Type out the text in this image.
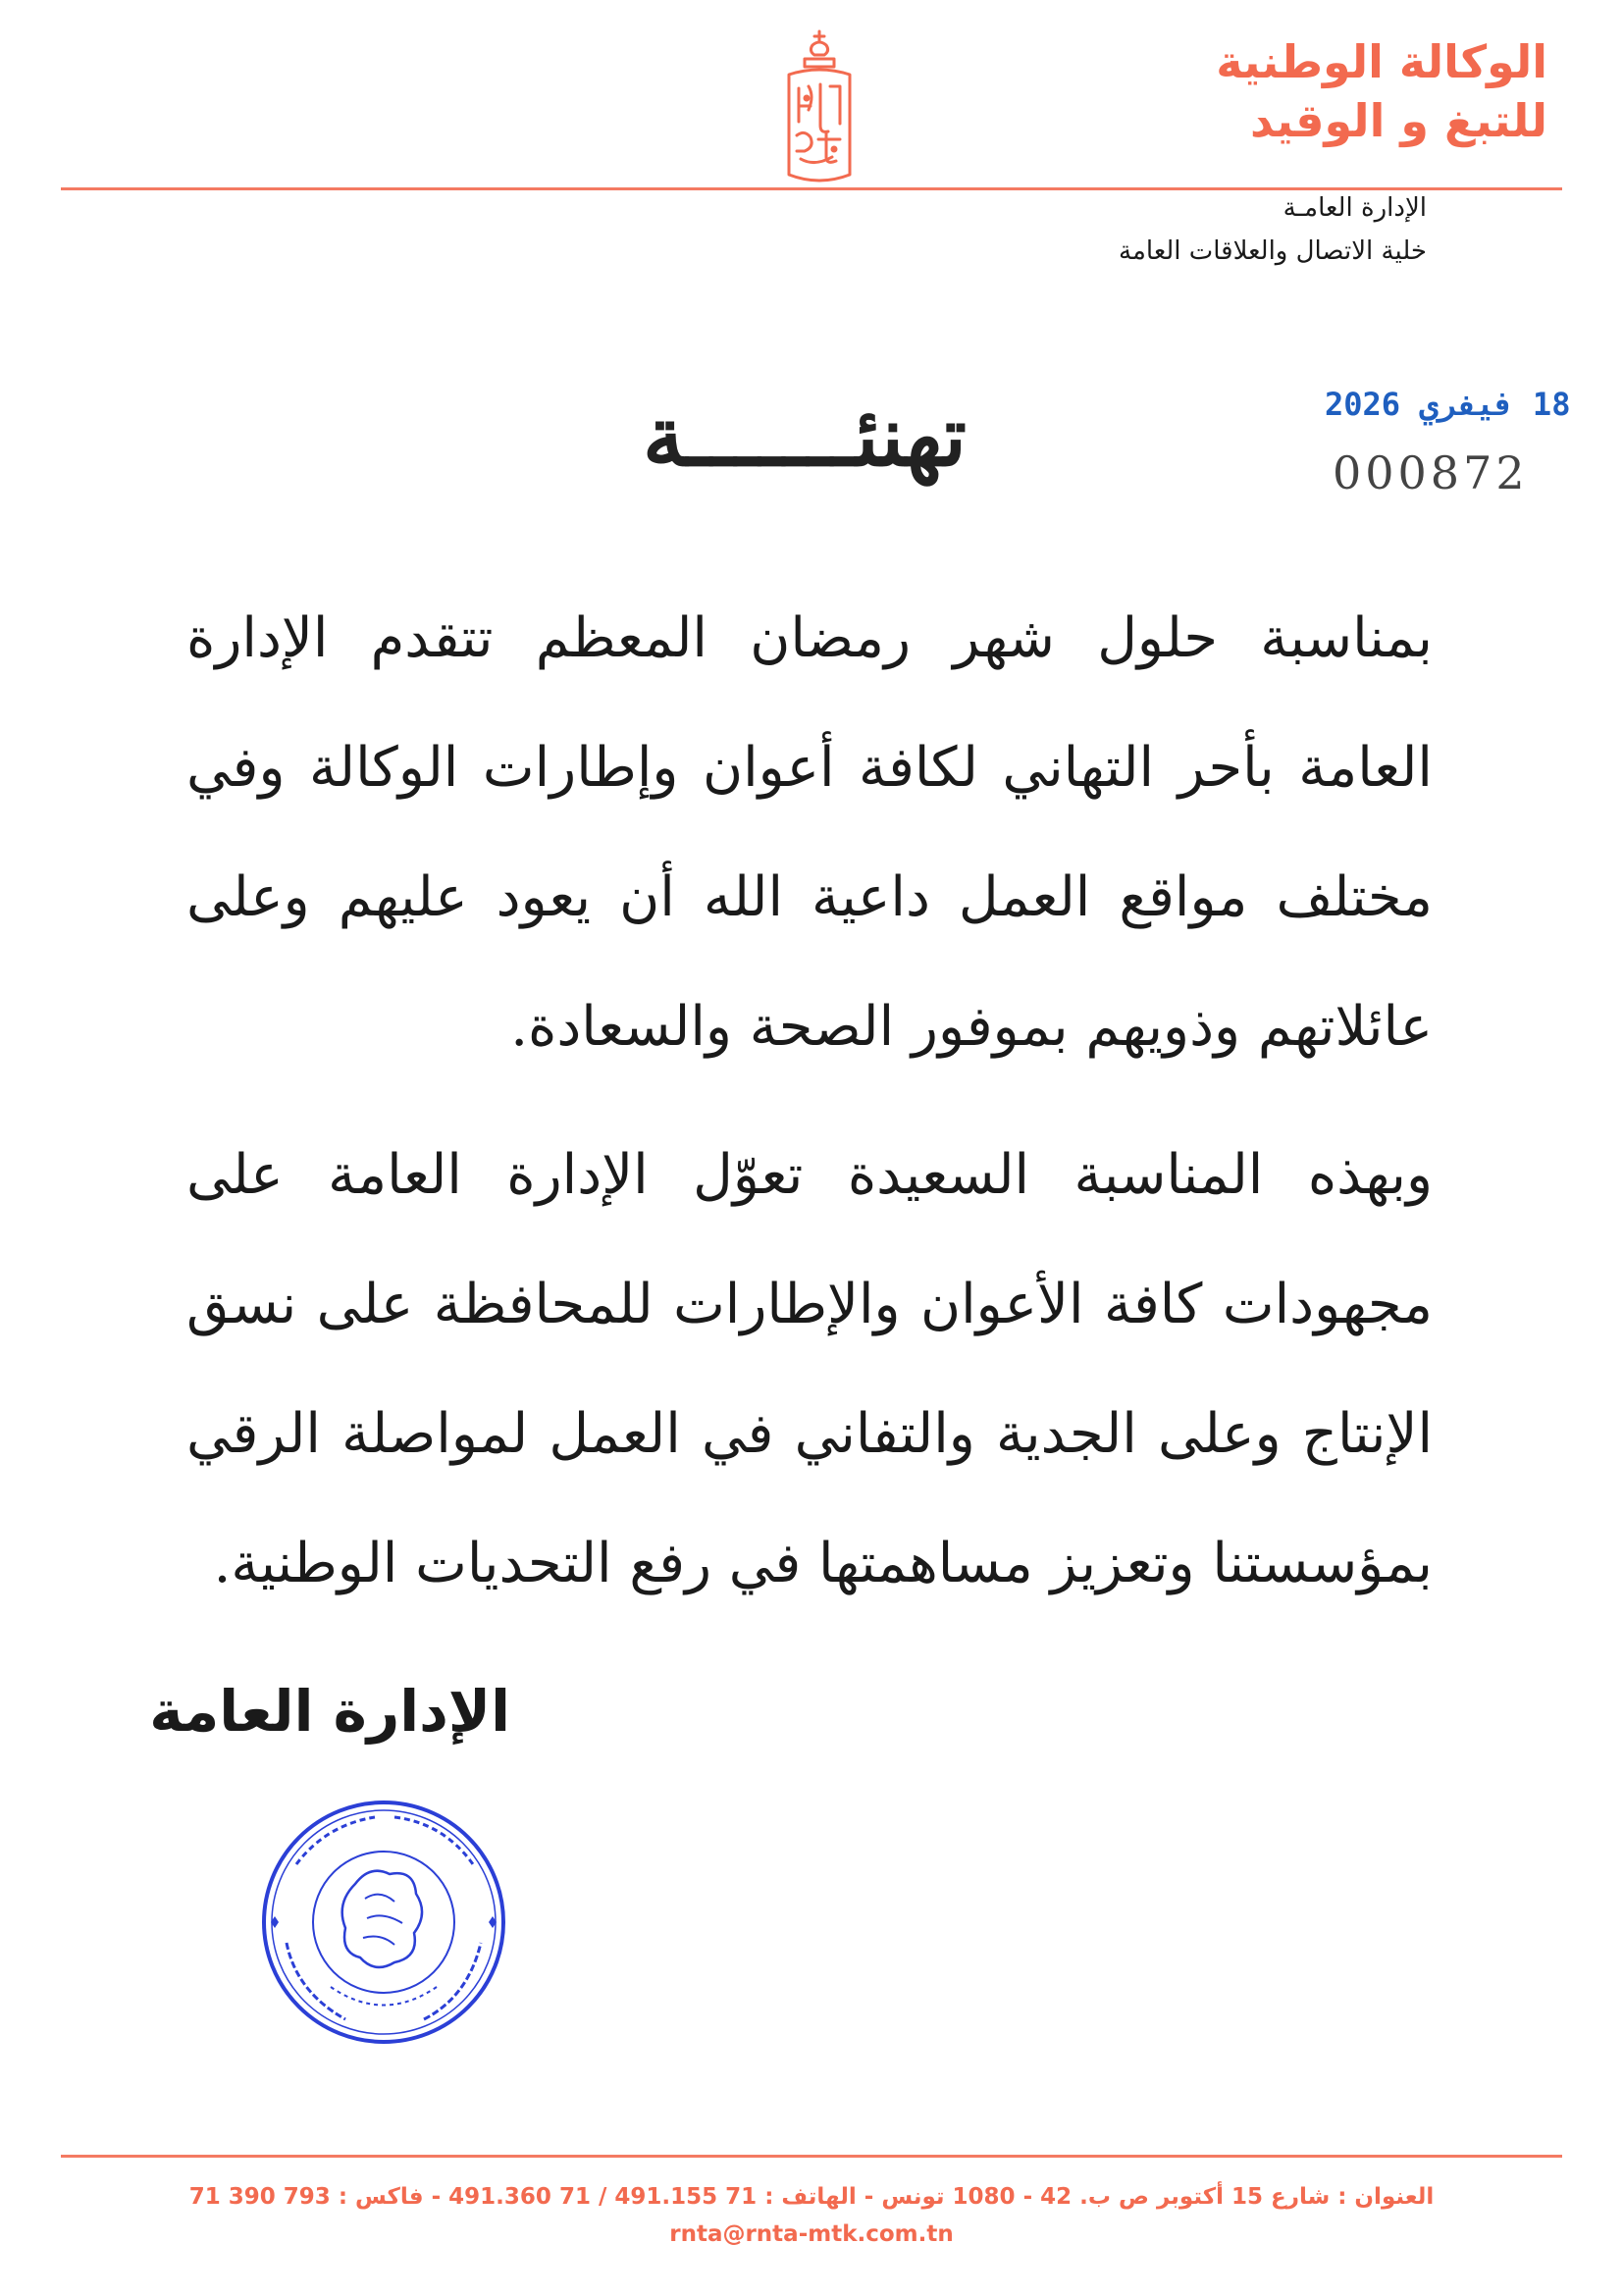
الوكالة الوطنية
للتبغ و الوقيد
الإدارة العامـة
خلية الاتصال والعلاقات العامة
18 فيفري 2026
000872
تهنئـــــــة
بمناسبة حلول شهر رمضان المعظم تتقدم الإدارة العامة بأحر التهاني لكافة أعوان وإطارات الوكالة وفي مختلف مواقع العمل داعية الله أن يعود عليهم وعلى عائلاتهم وذويهم بموفور الصحة والسعادة.
وبهذه المناسبة السعيدة تعوّل الإدارة العامة على مجهودات كافة الأعوان والإطارات للمحافظة على نسق الإنتاج وعلى الجدية والتفاني في العمل لمواصلة الرقي بمؤسستنا وتعزيز مساهمتها في رفع التحديات الوطنية.
الإدارة العامة
العنوان : شارع 15 أكتوبر ص ب. 42 - 1080 تونس - الهاتف : 71 491.155 / 71 491.360 - فاكس : 793 390 71
rnta@rnta-mtk.com.tn
